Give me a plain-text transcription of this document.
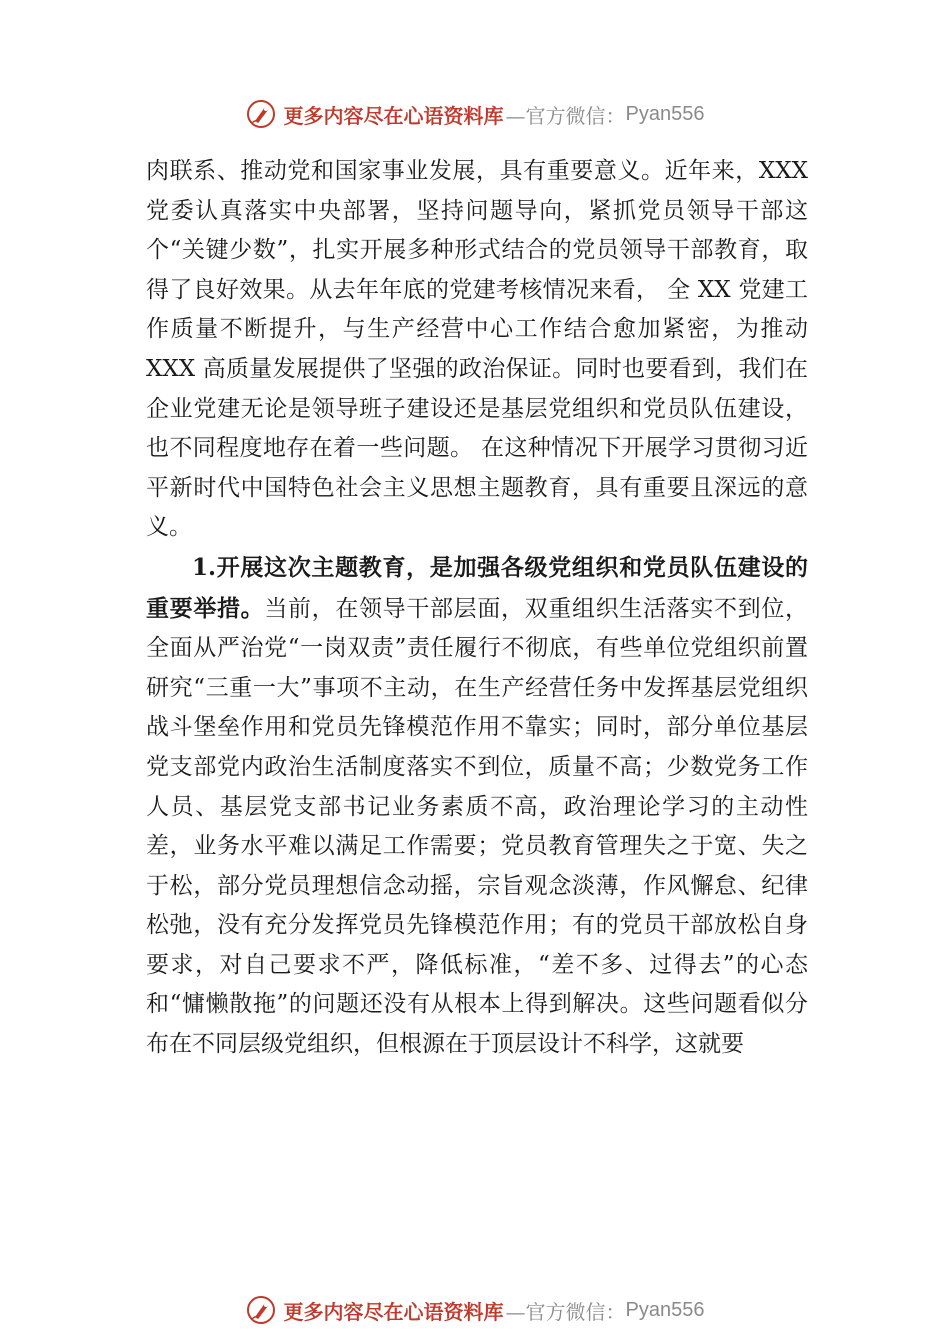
更多内容尽在心语资料库 —官方微信： Pyan556

肉联系、推动党和国家事业发展，具有重要意义。近年来，XXX 党委认真落实中央部署，坚持问题导向，紧抓党员领导干部这个“关键少数”，扎实开展多种形式结合的党员领导干部教育，取得了良好效果。从去年年底的党建考核情况来看， 全 XX 党建工作质量不断提升，与生产经营中心工作结合愈加紧密，为推动 XXX 高质量发展提供了坚强的政治保证。同时也要看到，我们在企业党建无论是领导班子建设还是基层党组织和党员队伍建设，也不同程度地存在着一些问题。 在这种情况下开展学习贯彻习近平新时代中国特色社会主义思想主题教育，具有重要且深远的意义。

1.开展这次主题教育，是加强各级党组织和党员队伍建设的重要举措。当前，在领导干部层面，双重组织生活落实不到位，全面从严治党“一岗双责”责任履行不彻底，有些单位党组织前置研究“三重一大”事项不主动，在生产经营任务中发挥基层党组织战斗堡垒作用和党员先锋模范作用不靠实；同时，部分单位基层党支部党内政治生活制度落实不到位，质量不高；少数党务工作人员、基层党支部书记业务素质不高，政治理论学习的主动性差，业务水平难以满足工作需要；党员教育管理失之于宽、失之于松，部分党员理想信念动摇，宗旨观念淡薄，作风懈怠、纪律松弛，没有充分发挥党员先锋模范作用；有的党员干部放松自身要求，对自己要求不严，降低标准，“差不多、过得去”的心态和“慵懒散拖”的问题还没有从根本上得到解决。这些问题看似分布在不同层级党组织，但根源在于顶层设计不科学，这就要

更多内容尽在心语资料库 —官方微信： Pyan556
